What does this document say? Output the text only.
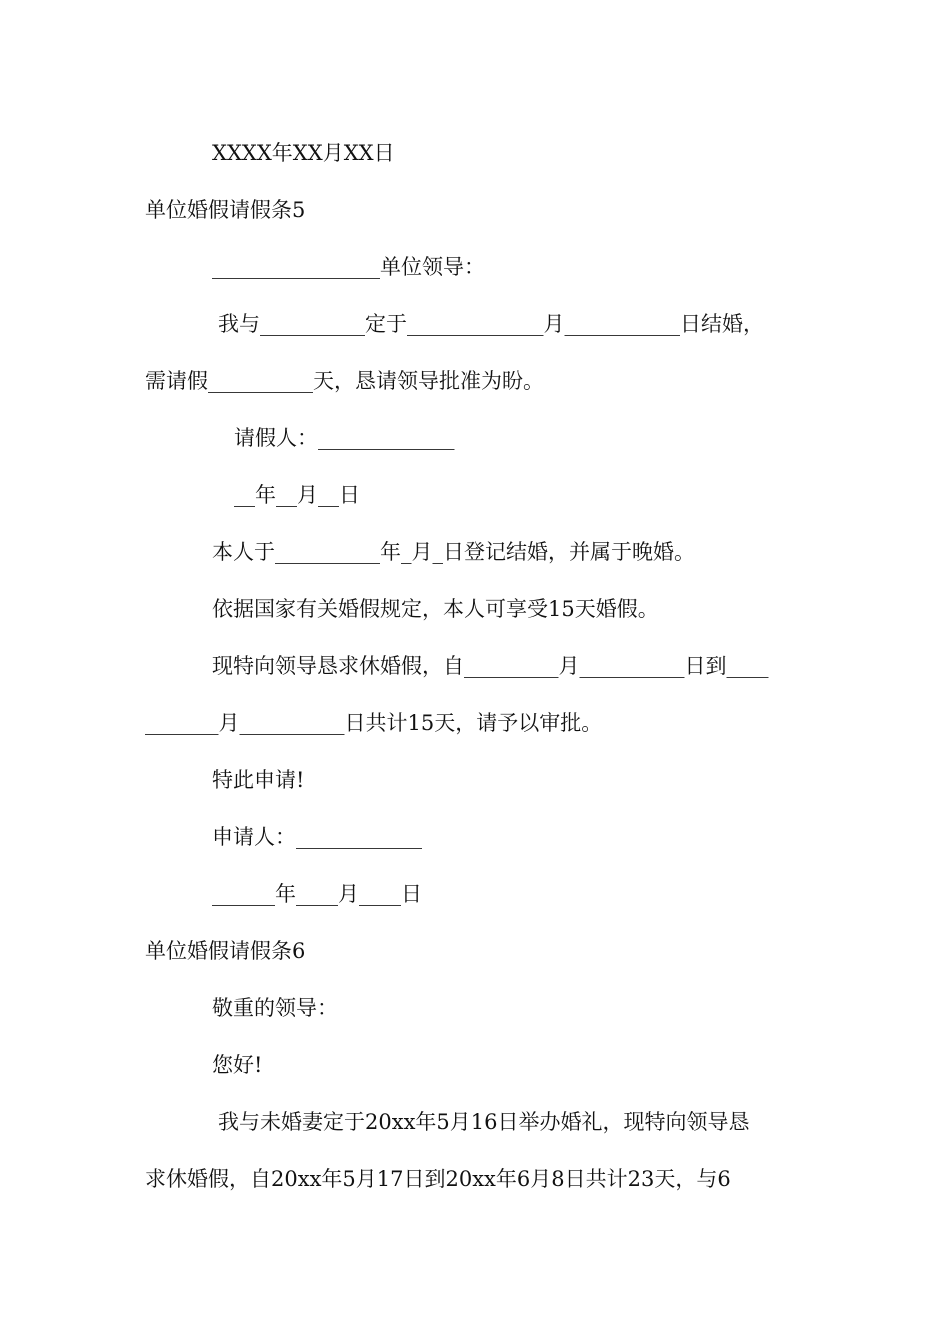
XXXX年XX月XX日
单位婚假请假条5
________________单位领导：
我与__________定于_____________月___________日结婚，
需请假__________天，恳请领导批准为盼。
请假人：_____________
__年__月__日
本人于__________年_月_日登记结婚，并属于晚婚。
依据国家有关婚假规定，本人可享受15天婚假。
现特向领导恳求休婚假，自_________月__________日到____
_______月__________日共计15天，请予以审批。
特此申请!
申请人：____________
______年____月____日
单位婚假请假条6
敬重的领导：
您好!
我与未婚妻定于20xx年5月16日举办婚礼，现特向领导恳
求休婚假，自20xx年5月17日到20xx年6月8日共计23天，与6
